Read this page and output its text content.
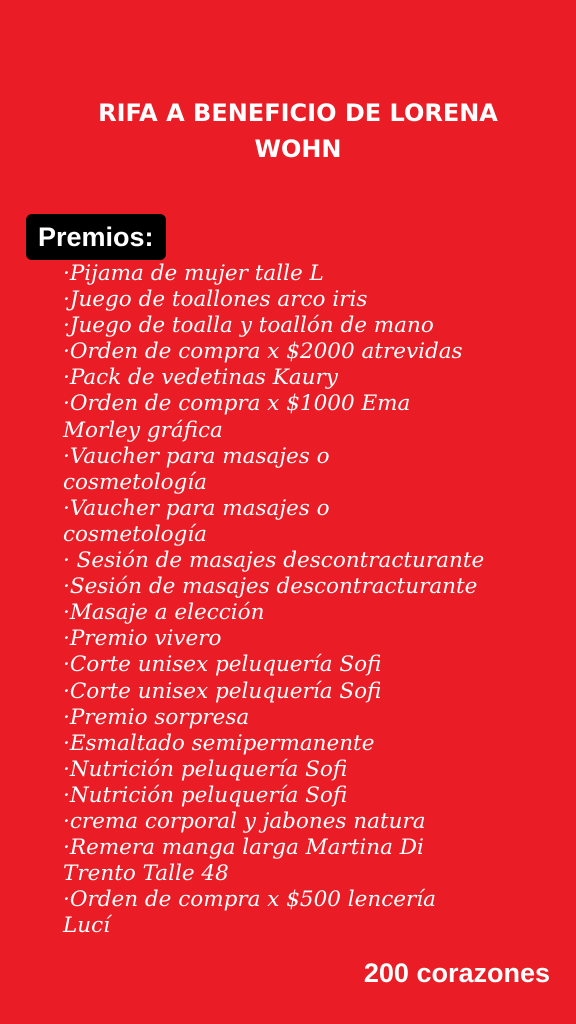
RIFA A BENEFICIO DE LORENA
WOHN
Premios:
·Pijama de mujer talle L
·Juego de toallones arco iris
·Juego de toalla y toallón de mano
·Orden de compra x $2000 atrevidas
·Pack de vedetinas Kaury
·Orden de compra x $1000 Ema
Morley gráfica
·Vaucher para masajes o
cosmetología
·Vaucher para masajes o
cosmetología
· Sesión de masajes descontracturante
·Sesión de masajes descontracturante
·Masaje a elección
·Premio vivero
·Corte unisex peluquería Sofi
·Corte unisex peluquería Sofi
·Premio sorpresa
·Esmaltado semipermanente
·Nutrición peluquería Sofi
·Nutrición peluquería Sofi
·crema corporal y jabones natura
·Remera manga larga Martina Di
Trento Talle 48
·Orden de compra x $500 lencería
Lucí
200 corazones
